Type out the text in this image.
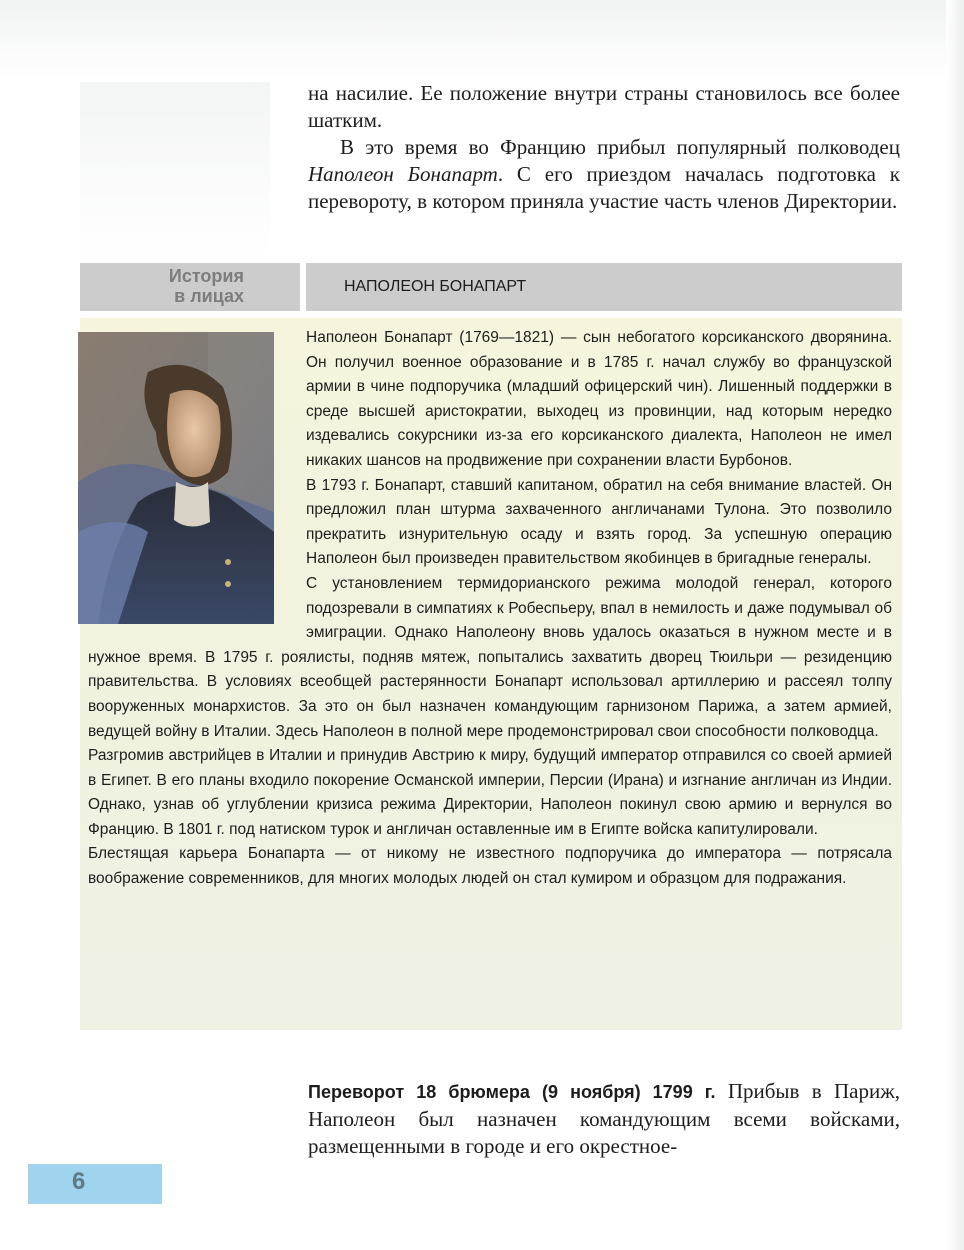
на насилие. Ее положение внутри страны становилось все более шатким.

В это время во Францию прибыл популярный полководец Наполеон Бонапарт. С его приездом началась подготовка к перевороту, в котором приняла участие часть членов Директории.

История
в лицах	НАПОЛЕОН БОНАПАРТ

Наполеон Бонапарт (1769—1821) — сын небогатого корсиканского дворянина. Он получил военное образование и в 1785 г. начал службу во французской армии в чине подпоручика (младший офицерский чин). Лишенный поддержки в среде высшей аристократии, выходец из провинции, над которым нередко издевались сокурсники из-за его корсиканского диалекта, Наполеон не имел никаких шансов на продвижение при сохранении власти Бурбонов.

В 1793 г. Бонапарт, ставший капитаном, обратил на себя внимание властей. Он предложил план штурма захваченного англичанами Тулона. Это позволило прекратить изнурительную осаду и взять город. За успешную операцию Наполеон был произведен правительством якобинцев в бригадные генералы.

С установлением термидорианского режима молодой генерал, которого подозревали в симпатиях к Робеспьеру, впал в немилость и даже подумывал об эмиграции. Однако Наполеону вновь удалось оказаться в нужном месте и в нужное время. В 1795 г. роялисты, подняв мятеж, попытались захватить дворец Тюильри — резиденцию правительства. В условиях всеобщей растерянности Бонапарт использовал артиллерию и рассеял толпу вооруженных монархистов. За это он был назначен командующим гарнизоном Парижа, а затем армией, ведущей войну в Италии. Здесь Наполеон в полной мере продемонстрировал свои способности полководца.

Разгромив австрийцев в Италии и принудив Австрию к миру, будущий император отправился со своей армией в Египет. В его планы входило покорение Османской империи, Персии (Ирана) и изгнание англичан из Индии. Однако, узнав об углублении кризиса режима Директории, Наполеон покинул свою армию и вернулся во Францию. В 1801 г. под натиском турок и англичан оставленные им в Египте войска капитулировали.

Блестящая карьера Бонапарта — от никому не известного подпоручика до императора — потрясала воображение современников, для многих молодых людей он стал кумиром и образцом для подражания.

Переворот 18 брюмера (9 ноября) 1799 г. Прибыв в Париж, Наполеон был назначен командующим всеми войсками, размещенными в городе и его окрестное-

6
